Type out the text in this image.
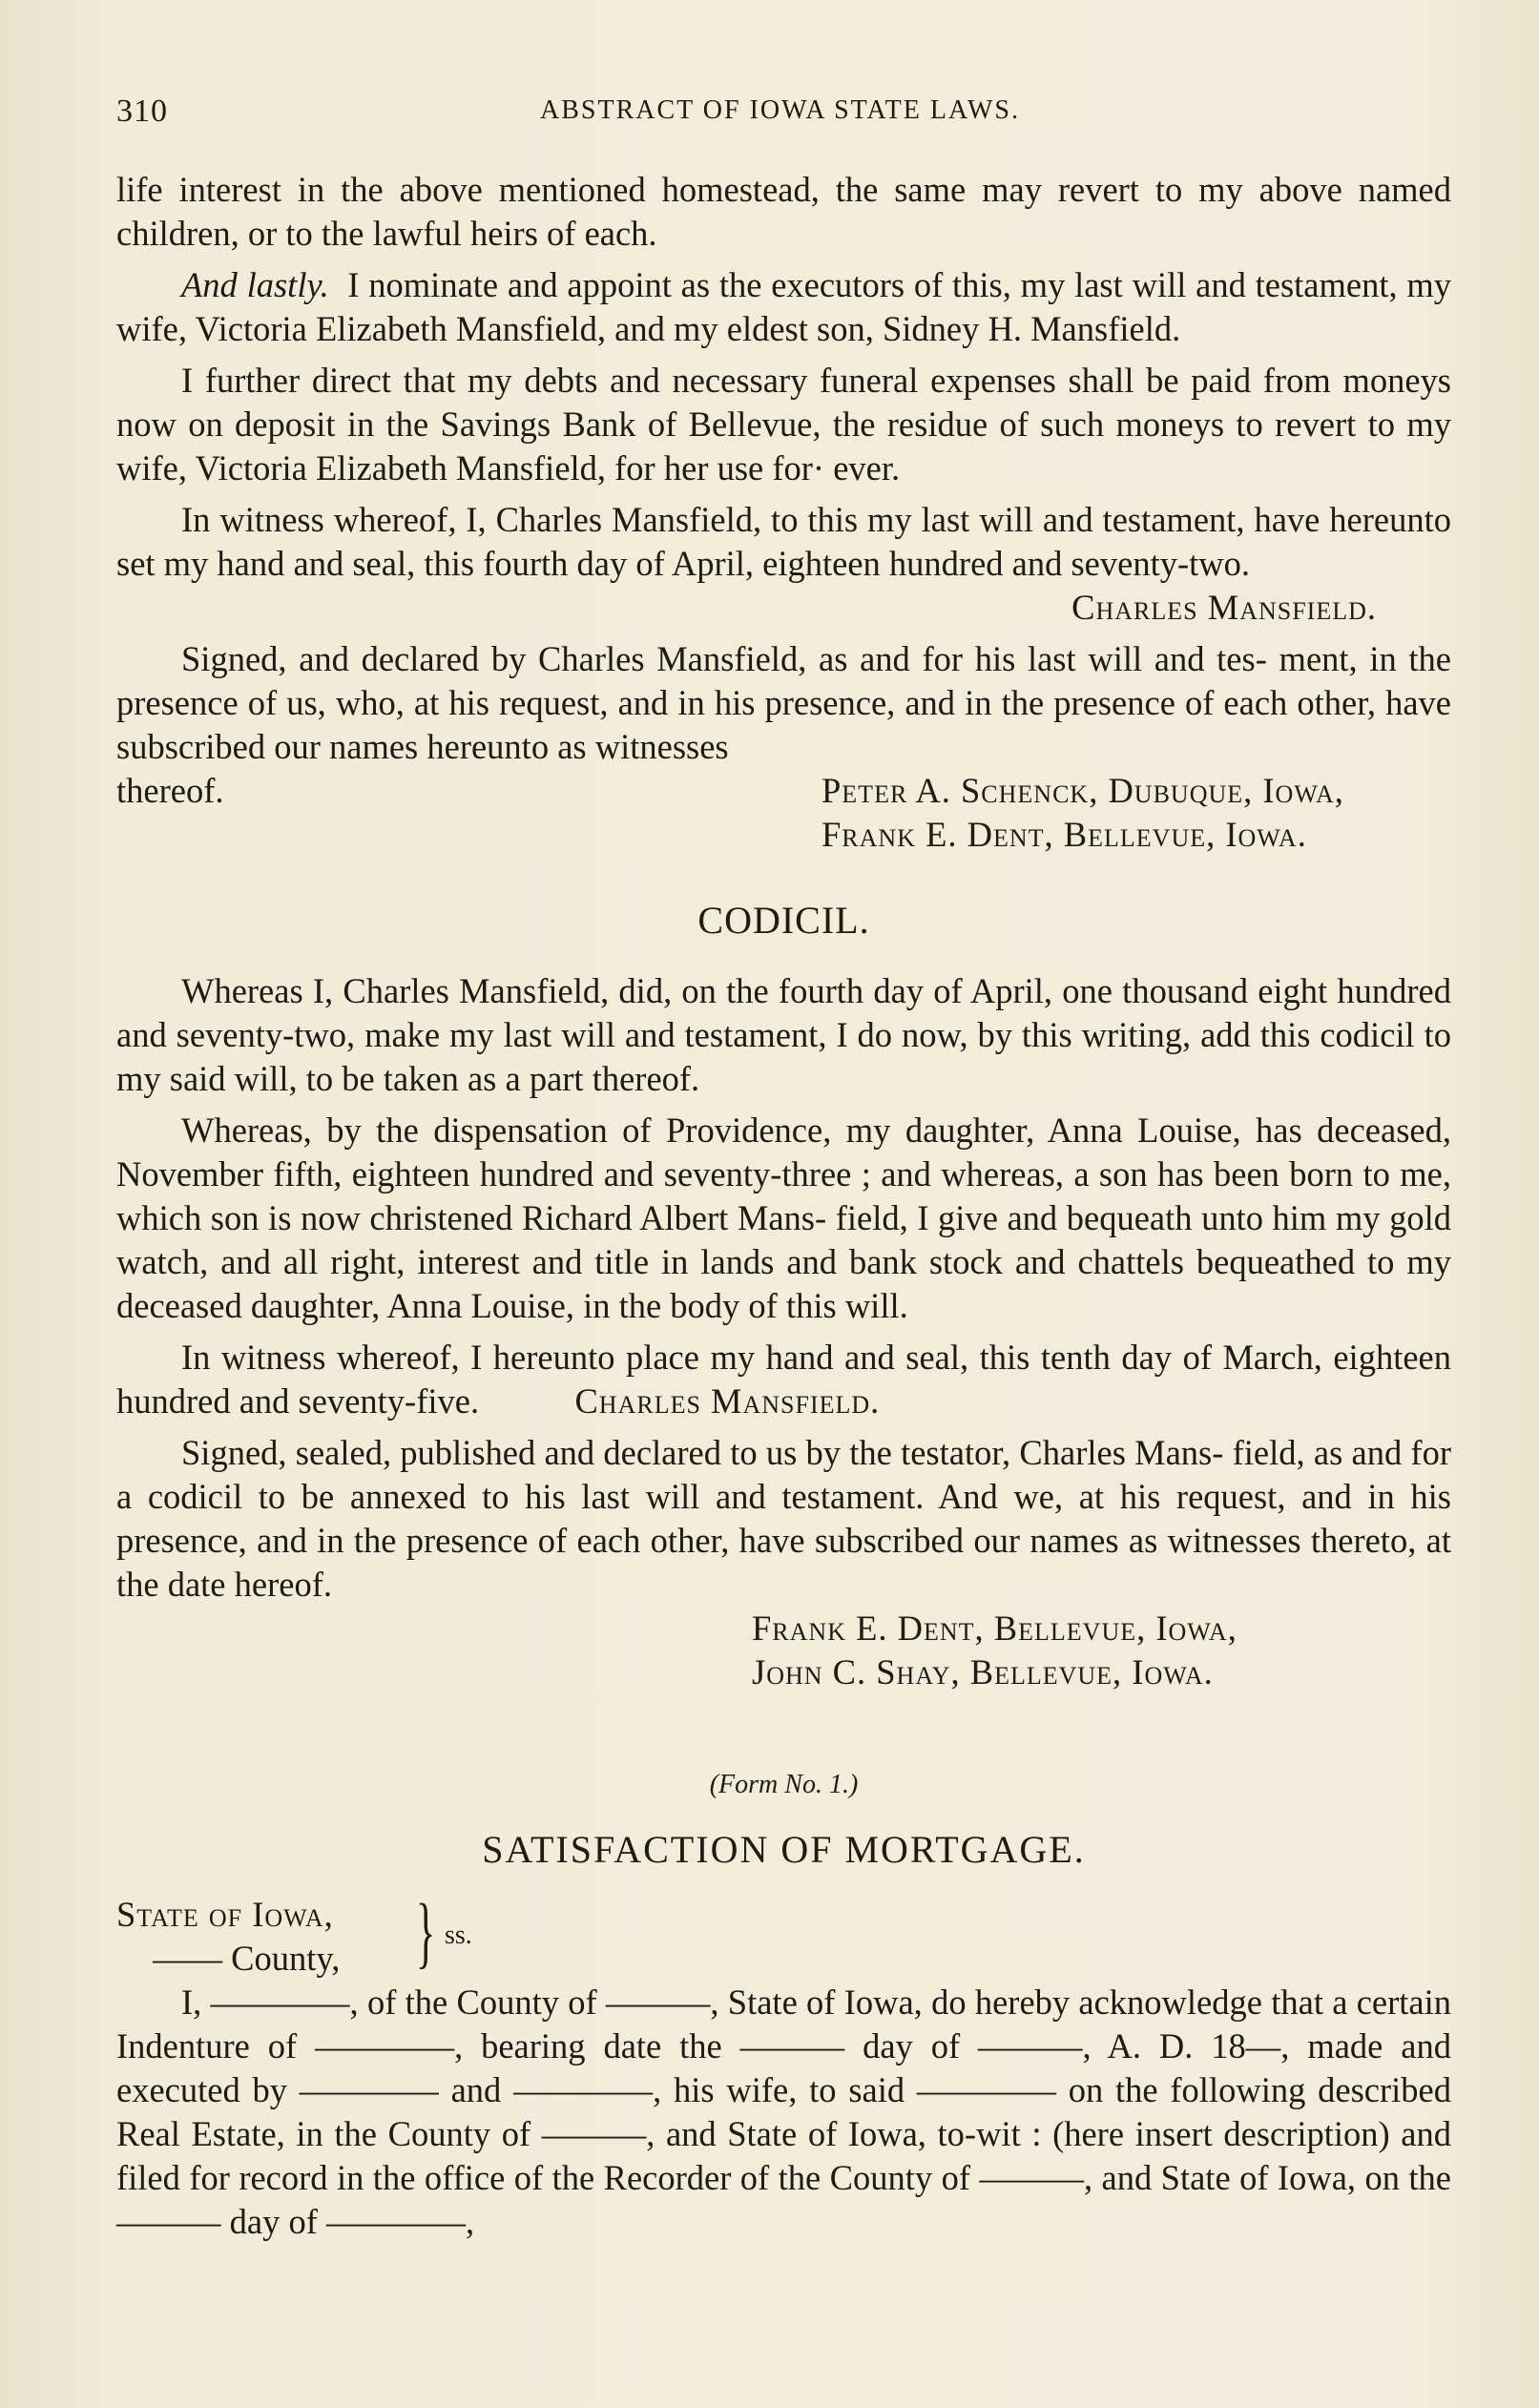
310	ABSTRACT OF IOWA STATE LAWS.

life interest in the above mentioned homestead, the same may revert to my above named children, or to the lawful heirs of each.

And lastly. I nominate and appoint as the executors of this, my last will and testament, my wife, Victoria Elizabeth Mansfield, and my eldest son, Sidney H. Mansfield.

I further direct that my debts and necessary funeral expenses shall be paid from moneys now on deposit in the Savings Bank of Bellevue, the residue of such moneys to revert to my wife, Victoria Elizabeth Mansfield, for her use for· ever.

In witness whereof, I, Charles Mansfield, to this my last will and testament, have hereunto set my hand and seal, this fourth day of April, eighteen hundred and seventy-two.

Charles Mansfield.

Signed, and declared by Charles Mansfield, as and for his last will and tes- ment, in the presence of us, who, at his request, and in his presence, and in the presence of each other, have subscribed our names hereunto as witnesses

thereof.	Peter A. Schenck, Dubuque, Iowa,
Frank E. Dent, Bellevue, Iowa.
CODICIL.

Whereas I, Charles Mansfield, did, on the fourth day of April, one thousand eight hundred and seventy-two, make my last will and testament, I do now, by this writing, add this codicil to my said will, to be taken as a part thereof.

Whereas, by the dispensation of Providence, my daughter, Anna Louise, has deceased, November fifth, eighteen hundred and seventy-three ; and whereas, a son has been born to me, which son is now christened Richard Albert Mans- field, I give and bequeath unto him my gold watch, and all right, interest and title in lands and bank stock and chattels bequeathed to my deceased daughter, Anna Louise, in the body of this will.

In witness whereof, I hereunto place my hand and seal, this tenth day of March, eighteen hundred and seventy-five.	Charles Mansfield.

Signed, sealed, published and declared to us by the testator, Charles Mans- field, as and for a codicil to be annexed to his last will and testament. And we, at his request, and in his presence, and in the presence of each other, have subscribed our names as witnesses thereto, at the date hereof.

Frank E. Dent, Bellevue, Iowa,
John C. Shay, Bellevue, Iowa.
(Form No. 1.)
SATISFACTION OF MORTGAGE.
State of Iowa,
—— County, } ss.

I, ————, of the County of ———, State of Iowa, do hereby acknowledge that a certain Indenture of ————, bearing date the ——— day of ———, A. D. 18—, made and executed by ———— and ————, his wife, to said ———— on the following described Real Estate, in the County of ———, and State of Iowa, to-wit : (here insert description) and filed for record in the office of the Recorder of the County of ———, and State of Iowa, on the ——— day of ————,
